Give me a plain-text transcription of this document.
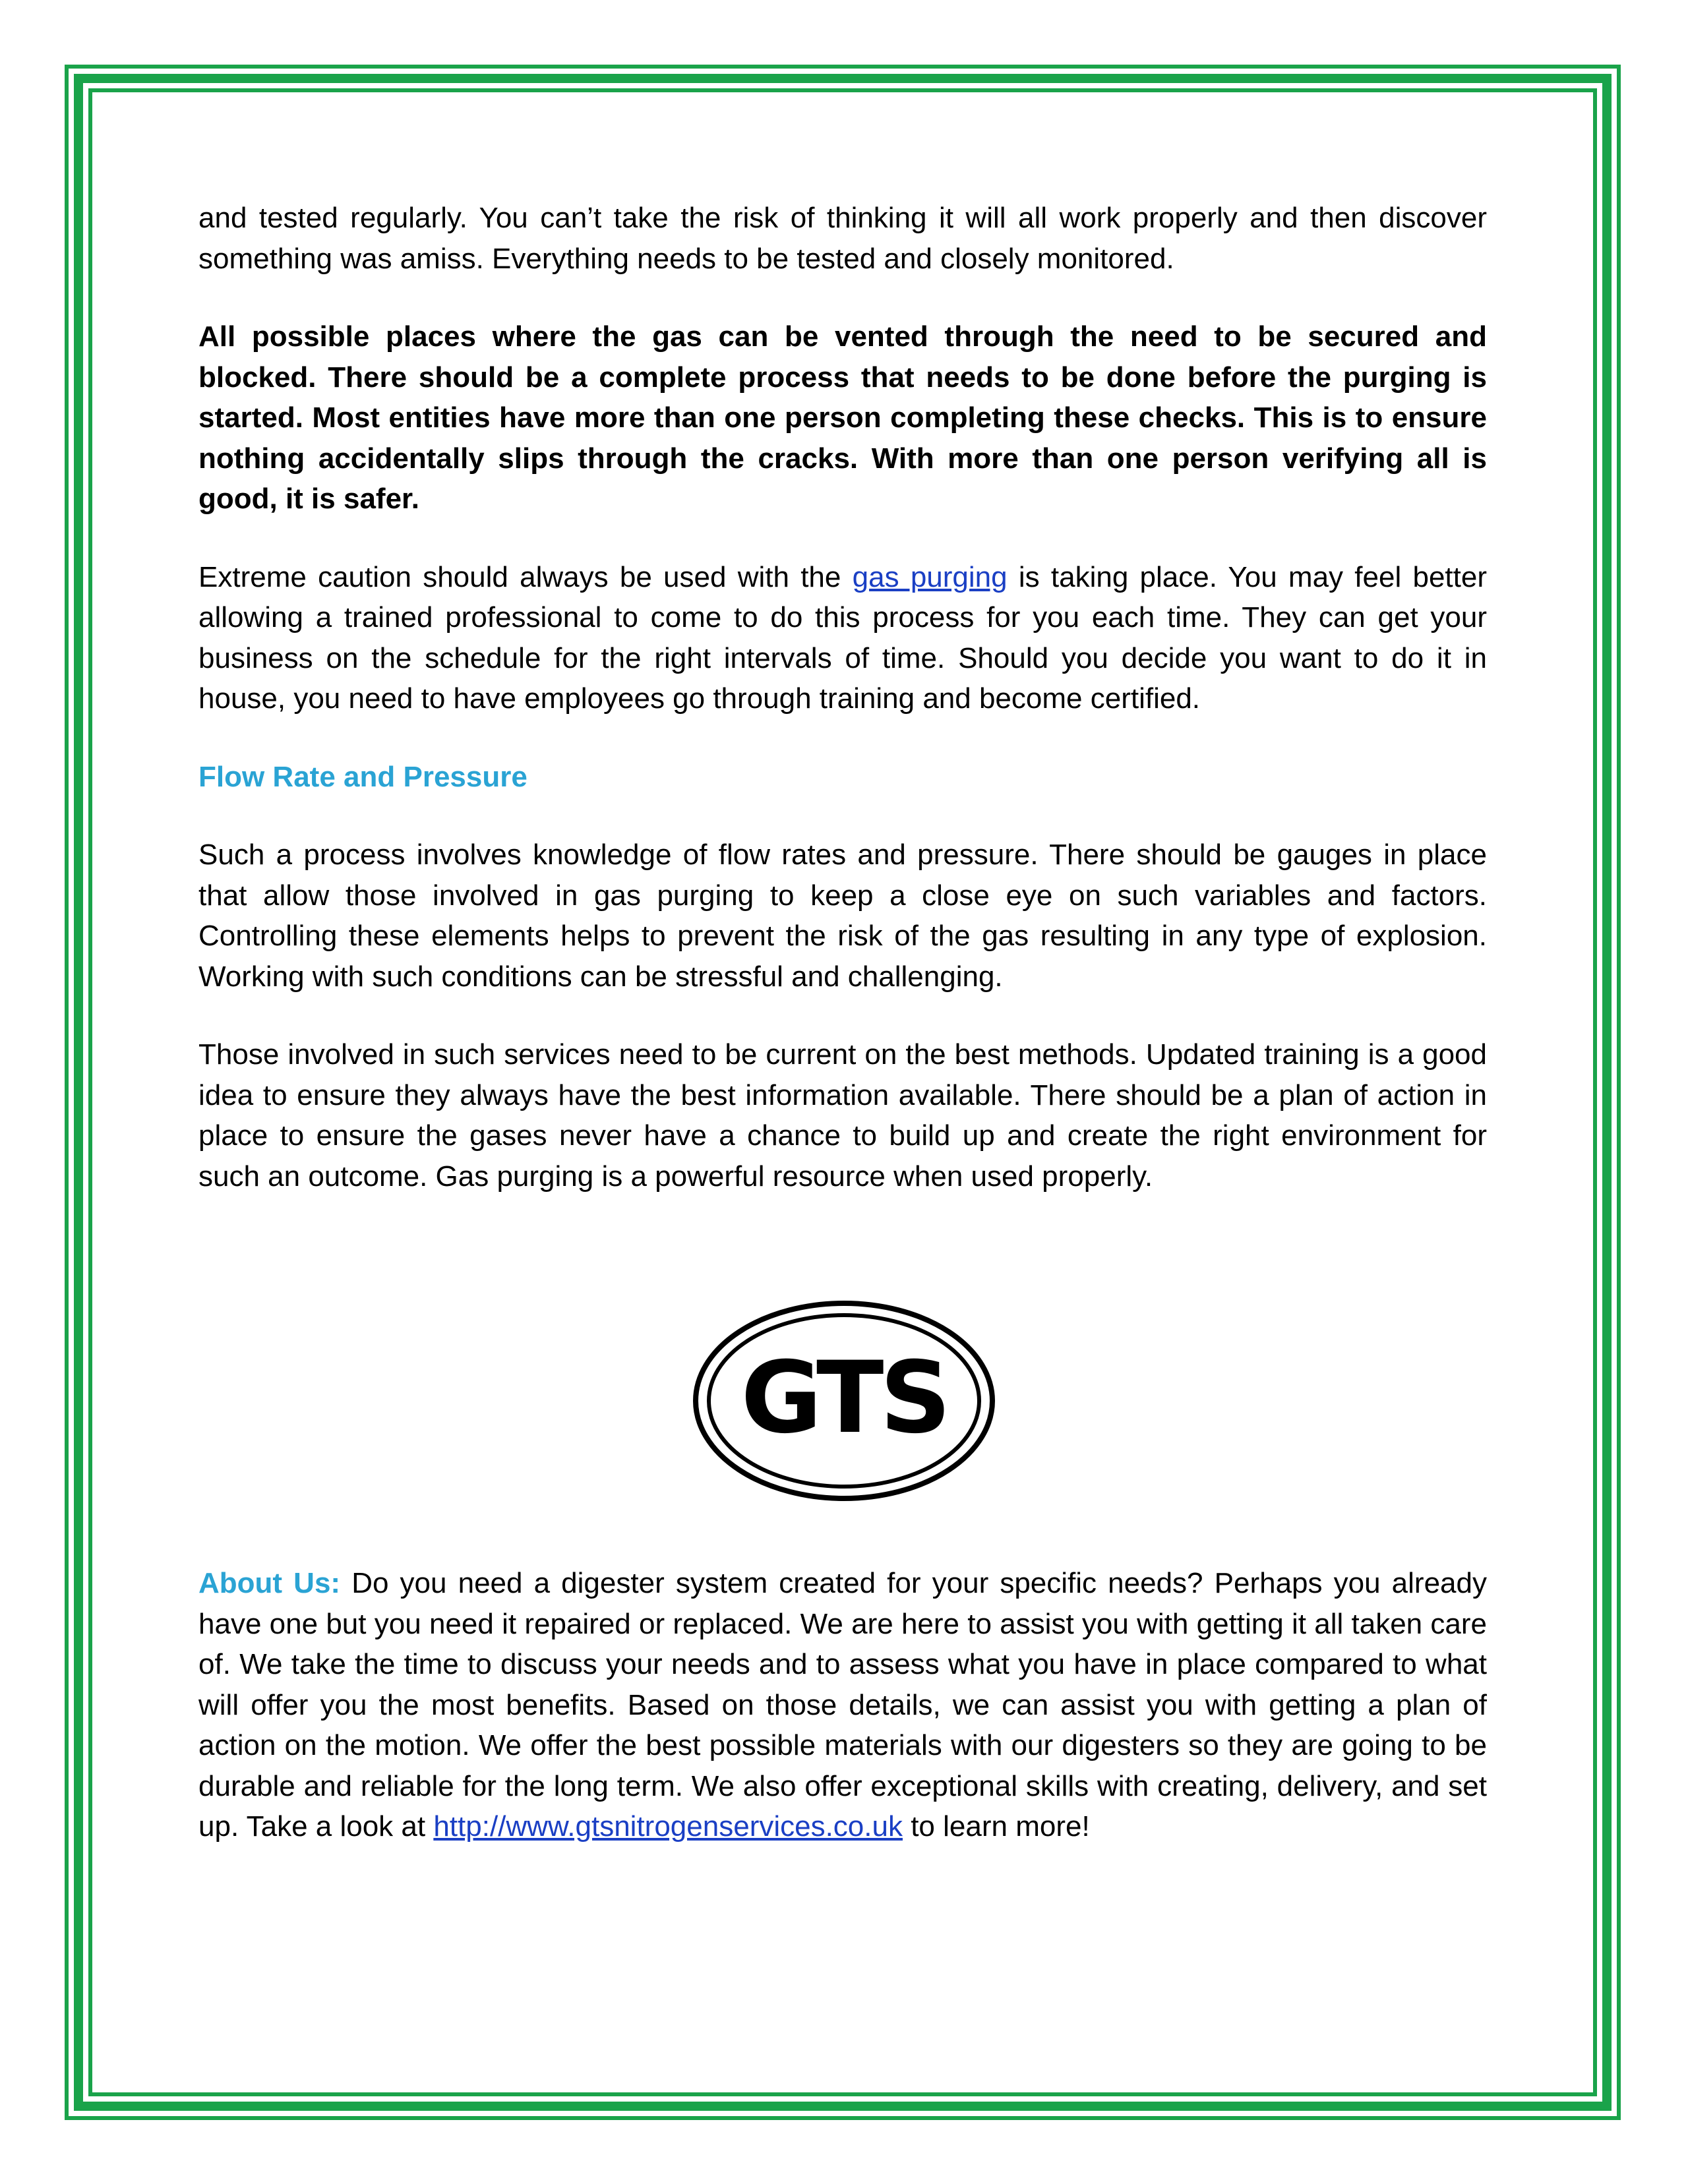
and tested regularly. You can’t take the risk of thinking it will all work properly and then discover something was amiss. Everything needs to be tested and closely monitored.

All possible places where the gas can be vented through the need to be secured and blocked. There should be a complete process that needs to be done before the purging is started. Most entities have more than one person completing these checks. This is to ensure nothing accidentally slips through the cracks. With more than one person verifying all is good, it is safer.

Extreme caution should always be used with the gas purging is taking place. You may feel better allowing a trained professional to come to do this process for you each time. They can get your business on the schedule for the right intervals of time. Should you decide you want to do it in house, you need to have employees go through training and become certified.

Flow Rate and Pressure

Such a process involves knowledge of flow rates and pressure. There should be gauges in place that allow those involved in gas purging to keep a close eye on such variables and factors. Controlling these elements helps to prevent the risk of the gas resulting in any type of explosion. Working with such conditions can be stressful and challenging.

Those involved in such services need to be current on the best methods. Updated training is a good idea to ensure they always have the best information available. There should be a plan of action in place to ensure the gases never have a chance to build up and create the right environment for such an outcome. Gas purging is a powerful resource when used properly.

GTS

About Us: Do you need a digester system created for your specific needs? Perhaps you already have one but you need it repaired or replaced. We are here to assist you with getting it all taken care of. We take the time to discuss your needs and to assess what you have in place compared to what will offer you the most benefits. Based on those details, we can assist you with getting a plan of action on the motion. We offer the best possible materials with our digesters so they are going to be durable and reliable for the long term. We also offer exceptional skills with creating, delivery, and set up. Take a look at http://www.gtsnitrogenservices.co.uk to learn more!
